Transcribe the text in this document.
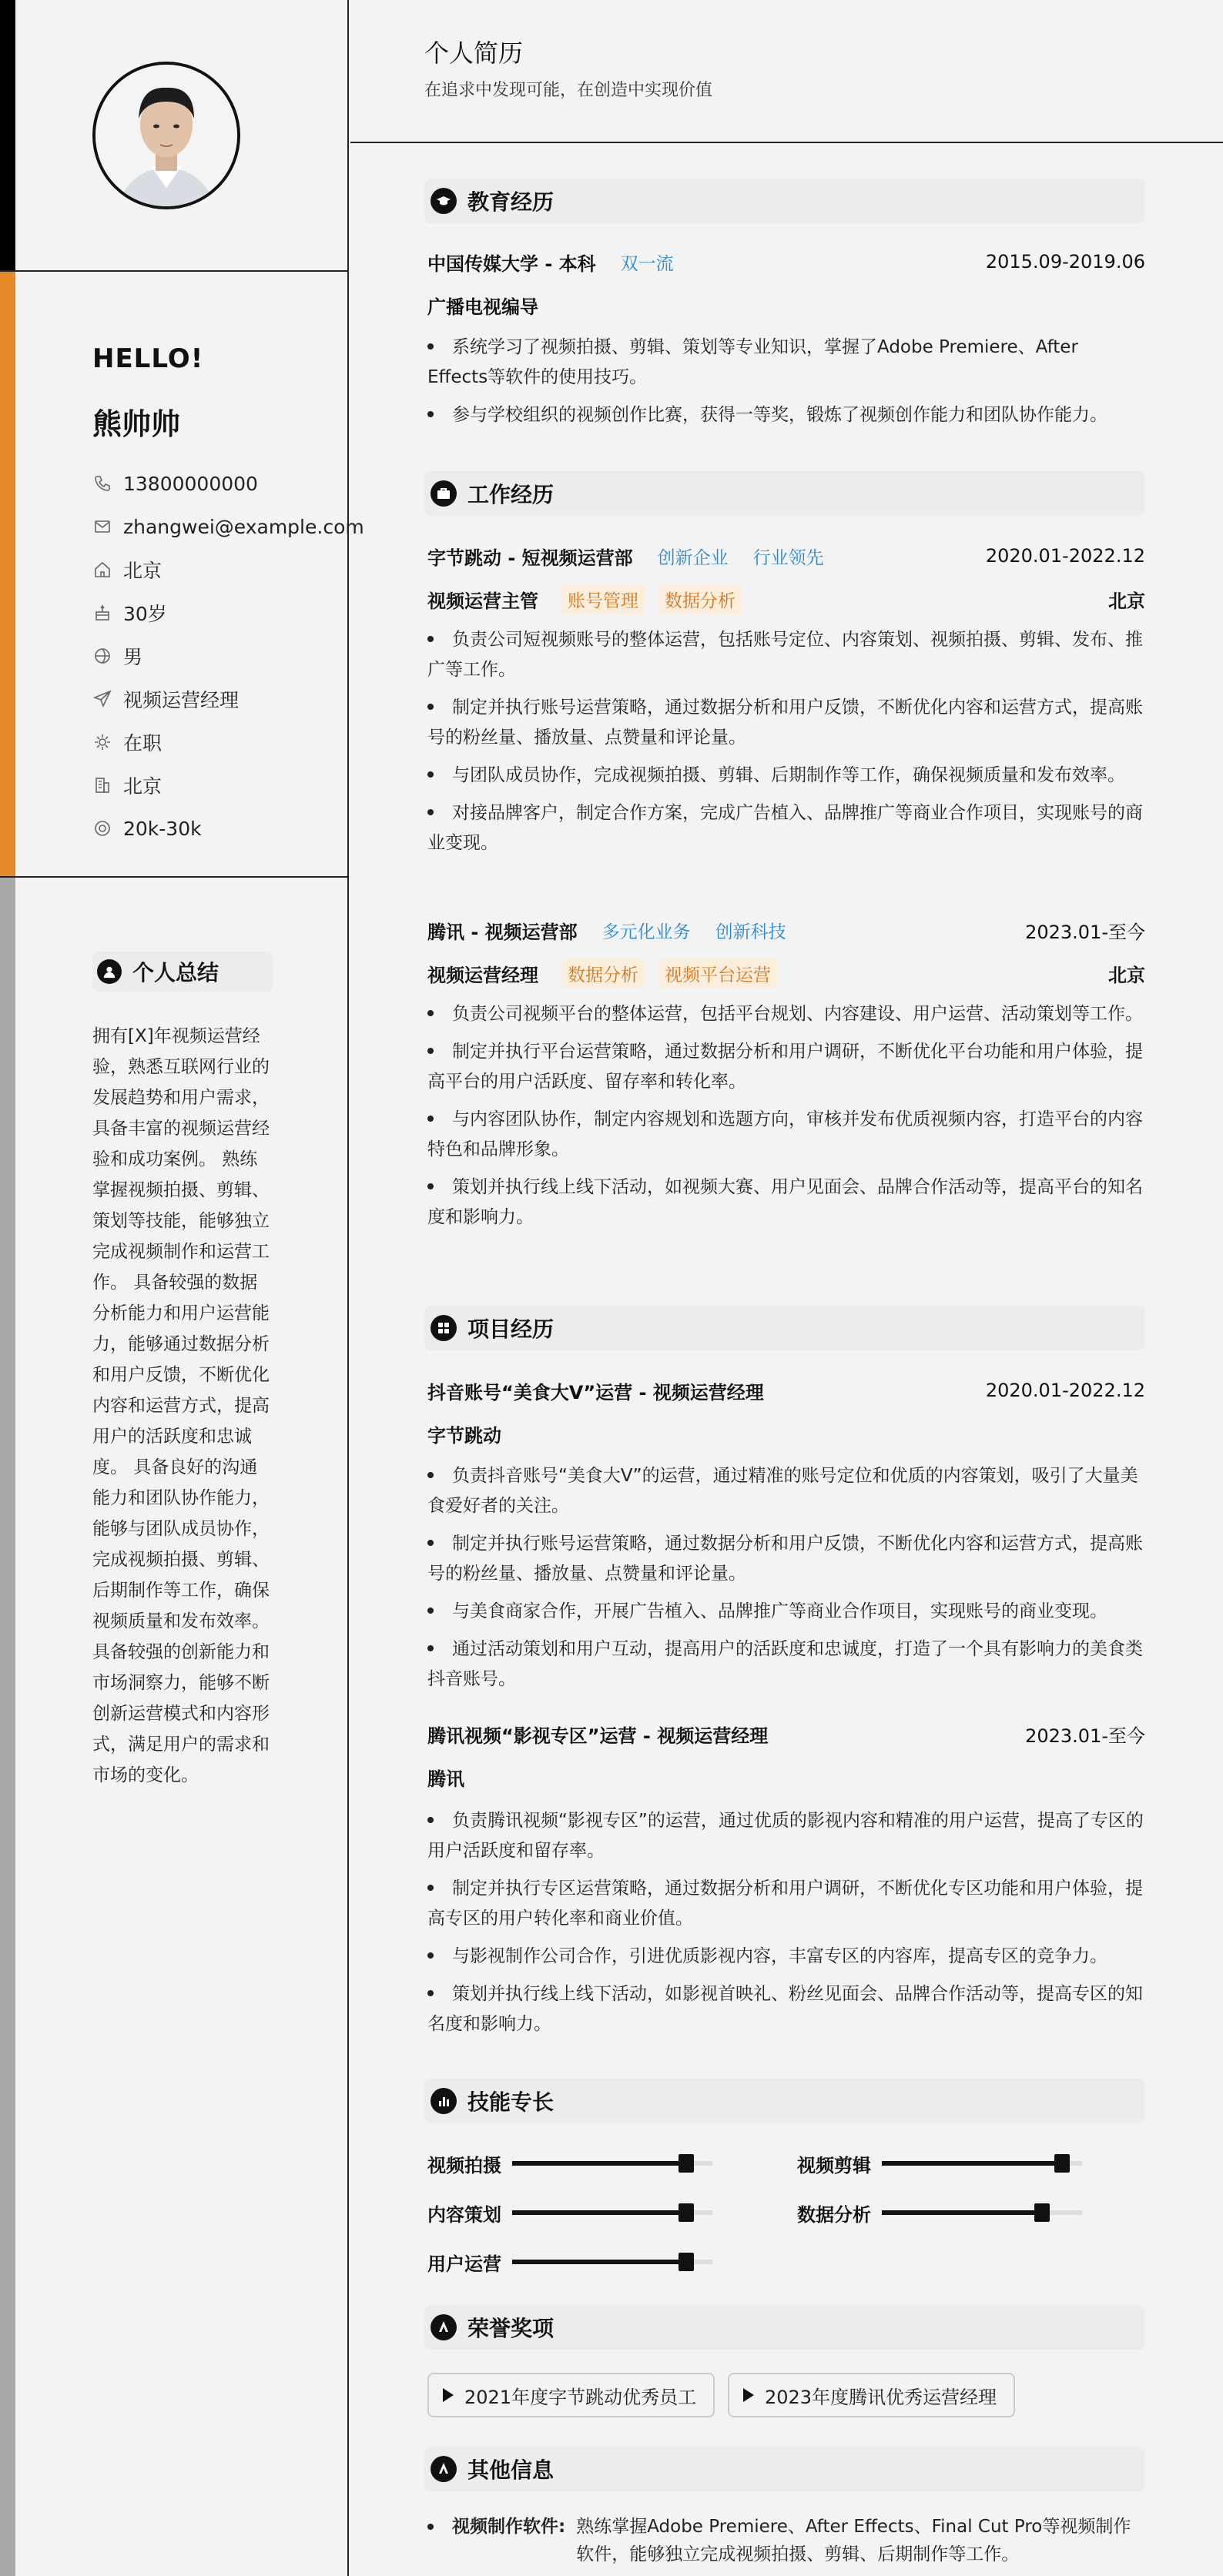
HELLO!
熊帅帅
13800000000
zhangwei@example.com
北京
30岁
男
视频运营经理
在职
北京
20k-30k
个人总结
拥有[X]年视频运营经验，熟悉互联网行业的发展趋势和用户需求，具备丰富的视频运营经验和成功案例。 熟练掌握视频拍摄、剪辑、策划等技能，能够独立完成视频制作和运营工作。 具备较强的数据分析能力和用户运营能力，能够通过数据分析和用户反馈，不断优化内容和运营方式，提高用户的活跃度和忠诚度。 具备良好的沟通能力和团队协作能力，能够与团队成员协作，完成视频拍摄、剪辑、后期制作等工作，确保视频质量和发布效率。 具备较强的创新能力和市场洞察力，能够不断创新运营模式和内容形式，满足用户的需求和市场的变化。
个人简历
在追求中发现可能，在创造中实现价值
教育经历
中国传媒大学 - 本科 双一流	2015.09-2019.06
广播电视编导
系统学习了视频拍摄、剪辑、策划等专业知识，掌握了Adobe Premiere、After Effects等软件的使用技巧。
参与学校组织的视频创作比赛，获得一等奖，锻炼了视频创作能力和团队协作能力。
工作经历
字节跳动 - 短视频运营部 创新企业 行业领先	2020.01-2022.12
视频运营主管	账号管理	数据分析	北京
负责公司短视频账号的整体运营，包括账号定位、内容策划、视频拍摄、剪辑、发布、推广等工作。
制定并执行账号运营策略，通过数据分析和用户反馈，不断优化内容和运营方式，提高账号的粉丝量、播放量、点赞量和评论量。
与团队成员协作，完成视频拍摄、剪辑、后期制作等工作，确保视频质量和发布效率。
对接品牌客户，制定合作方案，完成广告植入、品牌推广等商业合作项目，实现账号的商业变现。
腾讯 - 视频运营部 多元化业务 创新科技	2023.01-至今
视频运营经理	数据分析	视频平台运营	北京
负责公司视频平台的整体运营，包括平台规划、内容建设、用户运营、活动策划等工作。
制定并执行平台运营策略，通过数据分析和用户调研，不断优化平台功能和用户体验，提高平台的用户活跃度、留存率和转化率。
与内容团队协作，制定内容规划和选题方向，审核并发布优质视频内容，打造平台的内容特色和品牌形象。
策划并执行线上线下活动，如视频大赛、用户见面会、品牌合作活动等，提高平台的知名度和影响力。
项目经历
抖音账号“美食大V”运营 - 视频运营经理	2020.01-2022.12
字节跳动
负责抖音账号“美食大V”的运营，通过精准的账号定位和优质的内容策划，吸引了大量美食爱好者的关注。
制定并执行账号运营策略，通过数据分析和用户反馈，不断优化内容和运营方式，提高账号的粉丝量、播放量、点赞量和评论量。
与美食商家合作，开展广告植入、品牌推广等商业合作项目，实现账号的商业变现。
通过活动策划和用户互动，提高用户的活跃度和忠诚度，打造了一个具有影响力的美食类抖音账号。
腾讯视频“影视专区”运营 - 视频运营经理	2023.01-至今
腾讯
负责腾讯视频“影视专区”的运营，通过优质的影视内容和精准的用户运营，提高了专区的用户活跃度和留存率。
制定并执行专区运营策略，通过数据分析和用户调研，不断优化专区功能和用户体验，提高专区的用户转化率和商业价值。
与影视制作公司合作，引进优质影视内容，丰富专区的内容库，提高专区的竞争力。
策划并执行线上线下活动，如影视首映礼、粉丝见面会、品牌合作活动等，提高专区的知名度和影响力。
技能专长
视频拍摄	视频剪辑
内容策划	数据分析
用户运营
荣誉奖项
2021年度字节跳动优秀员工	2023年度腾讯优秀运营经理
其他信息
视频制作软件: 熟练掌握Adobe Premiere、After Effects、Final Cut Pro等视频制作软件，能够独立完成视频拍摄、剪辑、后期制作等工作。
